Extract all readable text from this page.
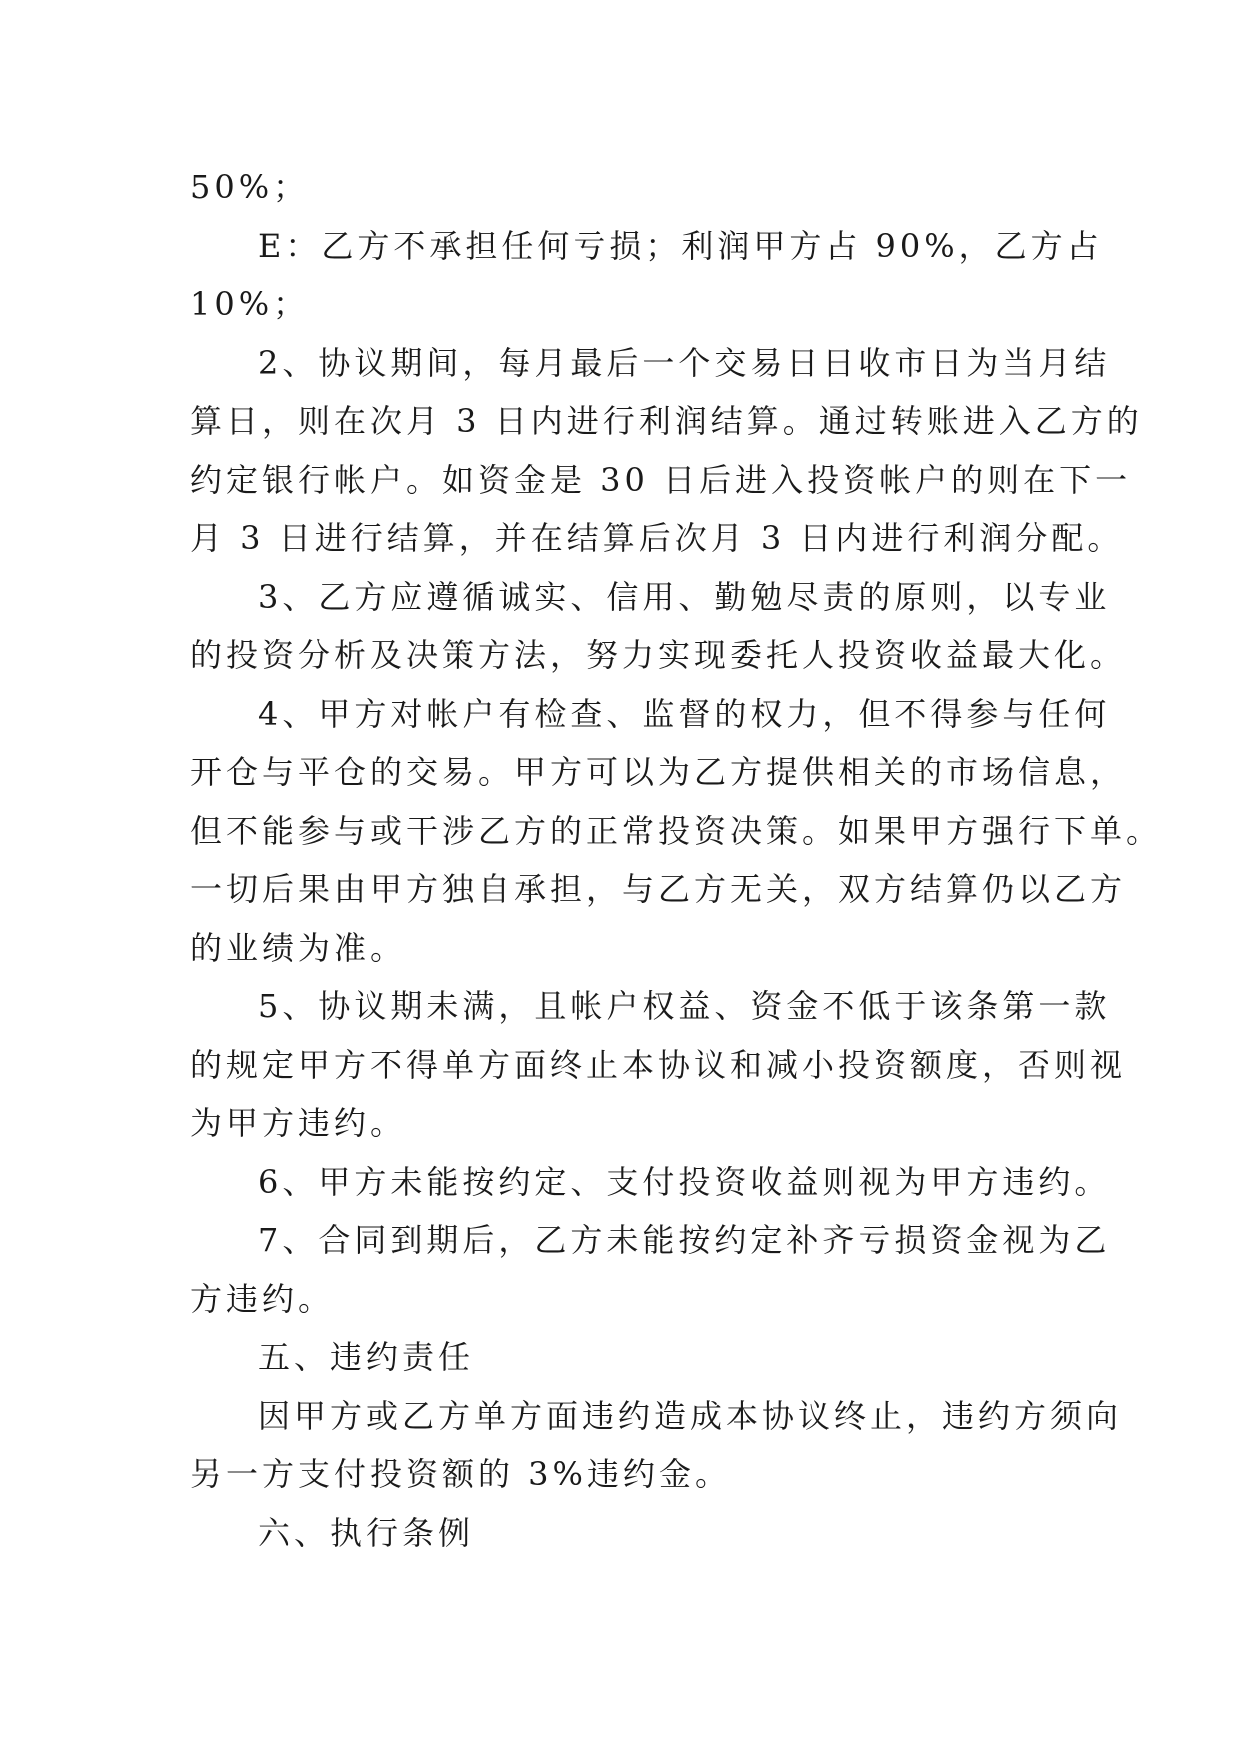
50%；
E：乙方不承担任何亏损；利润甲方占 90%，乙方占
10%；
2、协议期间，每月最后一个交易日日收市日为当月结
算日，则在次月 3 日内进行利润结算。通过转账进入乙方的
约定银行帐户。如资金是 30 日后进入投资帐户的则在下一
月 3 日进行结算，并在结算后次月 3 日内进行利润分配。
3、乙方应遵循诚实、信用、勤勉尽责的原则，以专业
的投资分析及决策方法，努力实现委托人投资收益最大化。
4、甲方对帐户有检查、监督的权力，但不得参与任何
开仓与平仓的交易。甲方可以为乙方提供相关的市场信息，
但不能参与或干涉乙方的正常投资决策。如果甲方强行下单。
一切后果由甲方独自承担，与乙方无关，双方结算仍以乙方
的业绩为准。
5、协议期未满，且帐户权益、资金不低于该条第一款
的规定甲方不得单方面终止本协议和减小投资额度，否则视
为甲方违约。
6、甲方未能按约定、支付投资收益则视为甲方违约。
7、合同到期后，乙方未能按约定补齐亏损资金视为乙
方违约。
五、违约责任
因甲方或乙方单方面违约造成本协议终止，违约方须向
另一方支付投资额的 3%违约金。
六、执行条例
